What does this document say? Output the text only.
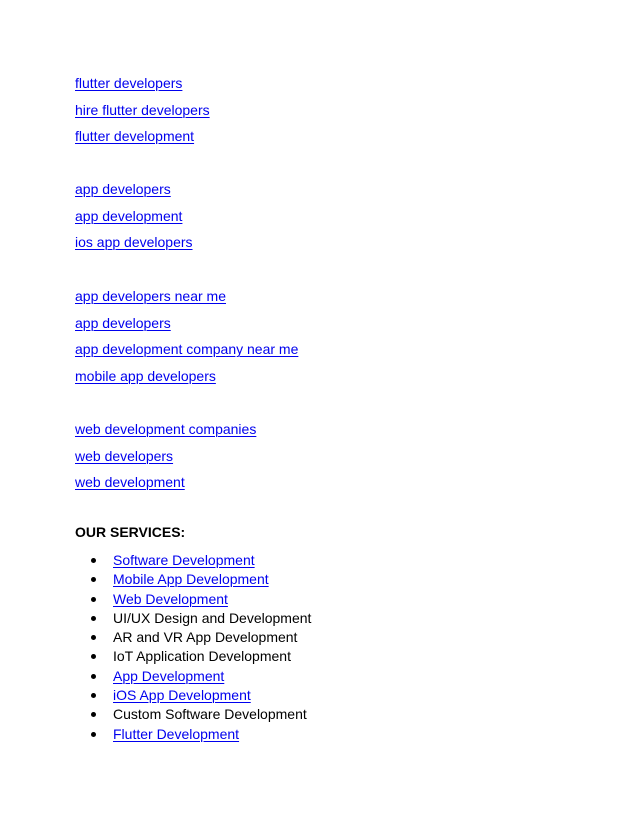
flutter developers
hire flutter developers
flutter development
app developers
app development
ios app developers
app developers near me
app developers
app development company near me
mobile app developers
web development companies
web developers
web development
OUR SERVICES:
Software Development
Mobile App Development
Web Development
UI/UX Design and Development
AR and VR App Development
IoT Application Development
App Development
iOS App Development
Custom Software Development
Flutter Development
